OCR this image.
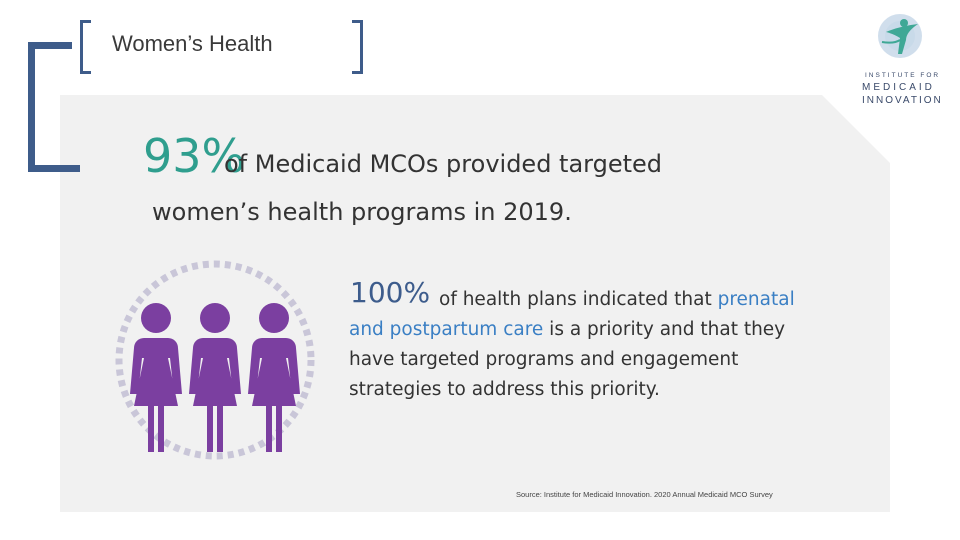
Women’s Health
INSTITUTE FOR
MEDICAID
INNOVATION
93%
of Medicaid MCOs provided targeted
women’s health programs in 2019.
100% of health plans indicated that prenatal and postpartum care is a priority and that they have targeted programs and engagement strategies to address this priority.
Source: Institute for Medicaid Innovation. 2020 Annual Medicaid MCO Survey
